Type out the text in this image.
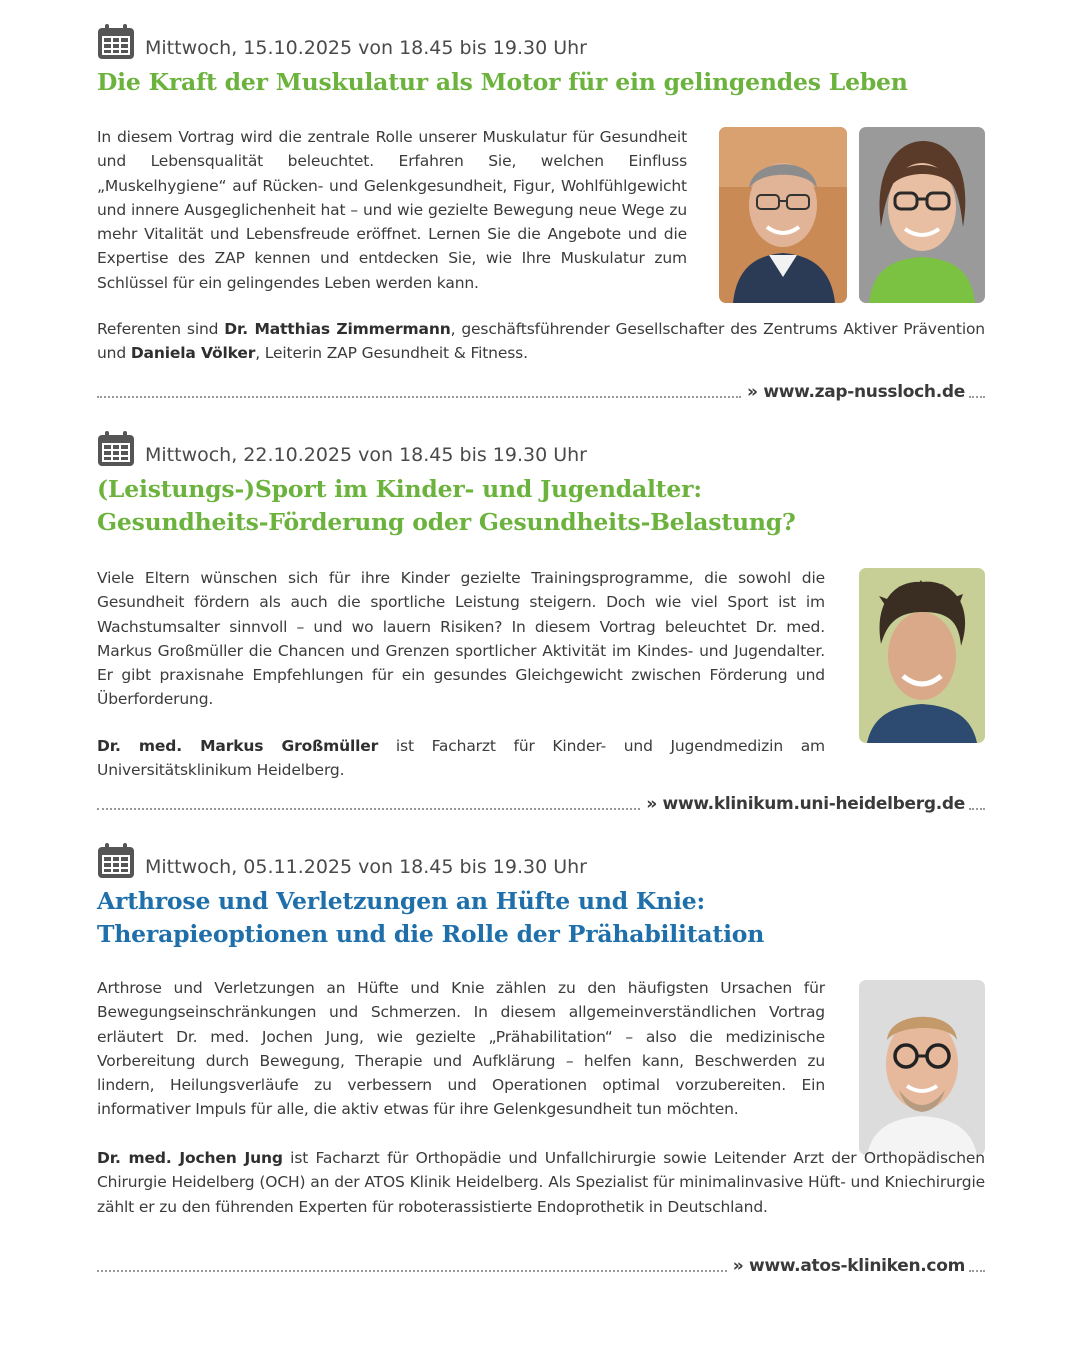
Mittwoch, 15.10.2025 von 18.45 bis 19.30 Uhr
Die Kraft der Muskulatur als Motor für ein gelingendes Leben
In diesem Vortrag wird die zentrale Rolle unserer Muskulatur für Gesundheit und Lebensqualität beleuchtet. Erfahren Sie, welchen Einfluss „Muskelhygiene“ auf Rücken- und Gelenkgesundheit, Figur, Wohlfühlgewicht und innere Ausgeglichenheit hat – und wie gezielte Bewegung neue Wege zu mehr Vitalität und Lebensfreude eröffnet. Lernen Sie die Angebote und die Expertise des ZAP kennen und entdecken Sie, wie Ihre Muskulatur zum Schlüssel für ein gelingendes Leben werden kann.
Referenten sind Dr. Matthias Zimmermann, geschäftsführender Gesellschafter des Zentrums Aktiver Prävention und Daniela Völker, Leiterin ZAP Gesundheit & Fitness.
» www.zap-nussloch.de
Mittwoch, 22.10.2025 von 18.45 bis 19.30 Uhr
(Leistungs-)Sport im Kinder- und Jugendalter:
Gesundheits-Förderung oder Gesundheits-Belastung?
Viele Eltern wünschen sich für ihre Kinder gezielte Trainingsprogramme, die sowohl die Gesundheit fördern als auch die sportliche Leistung steigern. Doch wie viel Sport ist im Wachstumsalter sinnvoll – und wo lauern Risiken? In diesem Vortrag beleuchtet Dr. med. Markus Großmüller die Chancen und Grenzen sportlicher Aktivität im Kindes- und Jugendalter. Er gibt praxisnahe Empfehlungen für ein gesundes Gleichgewicht zwischen Förderung und Überforderung.
Dr. med. Markus Großmüller ist Facharzt für Kinder- und Jugendmedizin am Universitätsklinikum Heidelberg.
» www.klinikum.uni-heidelberg.de
Mittwoch, 05.11.2025 von 18.45 bis 19.30 Uhr
Arthrose und Verletzungen an Hüfte und Knie:
Therapieoptionen und die Rolle der Prähabilitation
Arthrose und Verletzungen an Hüfte und Knie zählen zu den häufigsten Ursachen für Bewegungseinschränkungen und Schmerzen. In diesem allgemeinverständlichen Vortrag erläutert Dr. med. Jochen Jung, wie gezielte „Prähabilitation“ – also die medizinische Vorbereitung durch Bewegung, Therapie und Aufklärung – helfen kann, Beschwerden zu lindern, Heilungsverläufe zu verbessern und Operationen optimal vorzubereiten. Ein informativer Impuls für alle, die aktiv etwas für ihre Gelenkgesundheit tun möchten.
Dr. med. Jochen Jung ist Facharzt für Orthopädie und Unfallchirurgie sowie Leitender Arzt der Orthopädischen Chirurgie Heidelberg (OCH) an der ATOS Klinik Heidelberg. Als Spezialist für minimalinvasive Hüft- und Kniechirurgie zählt er zu den führenden Experten für roboterassistierte Endoprothetik in Deutschland.
» www.atos-kliniken.com
